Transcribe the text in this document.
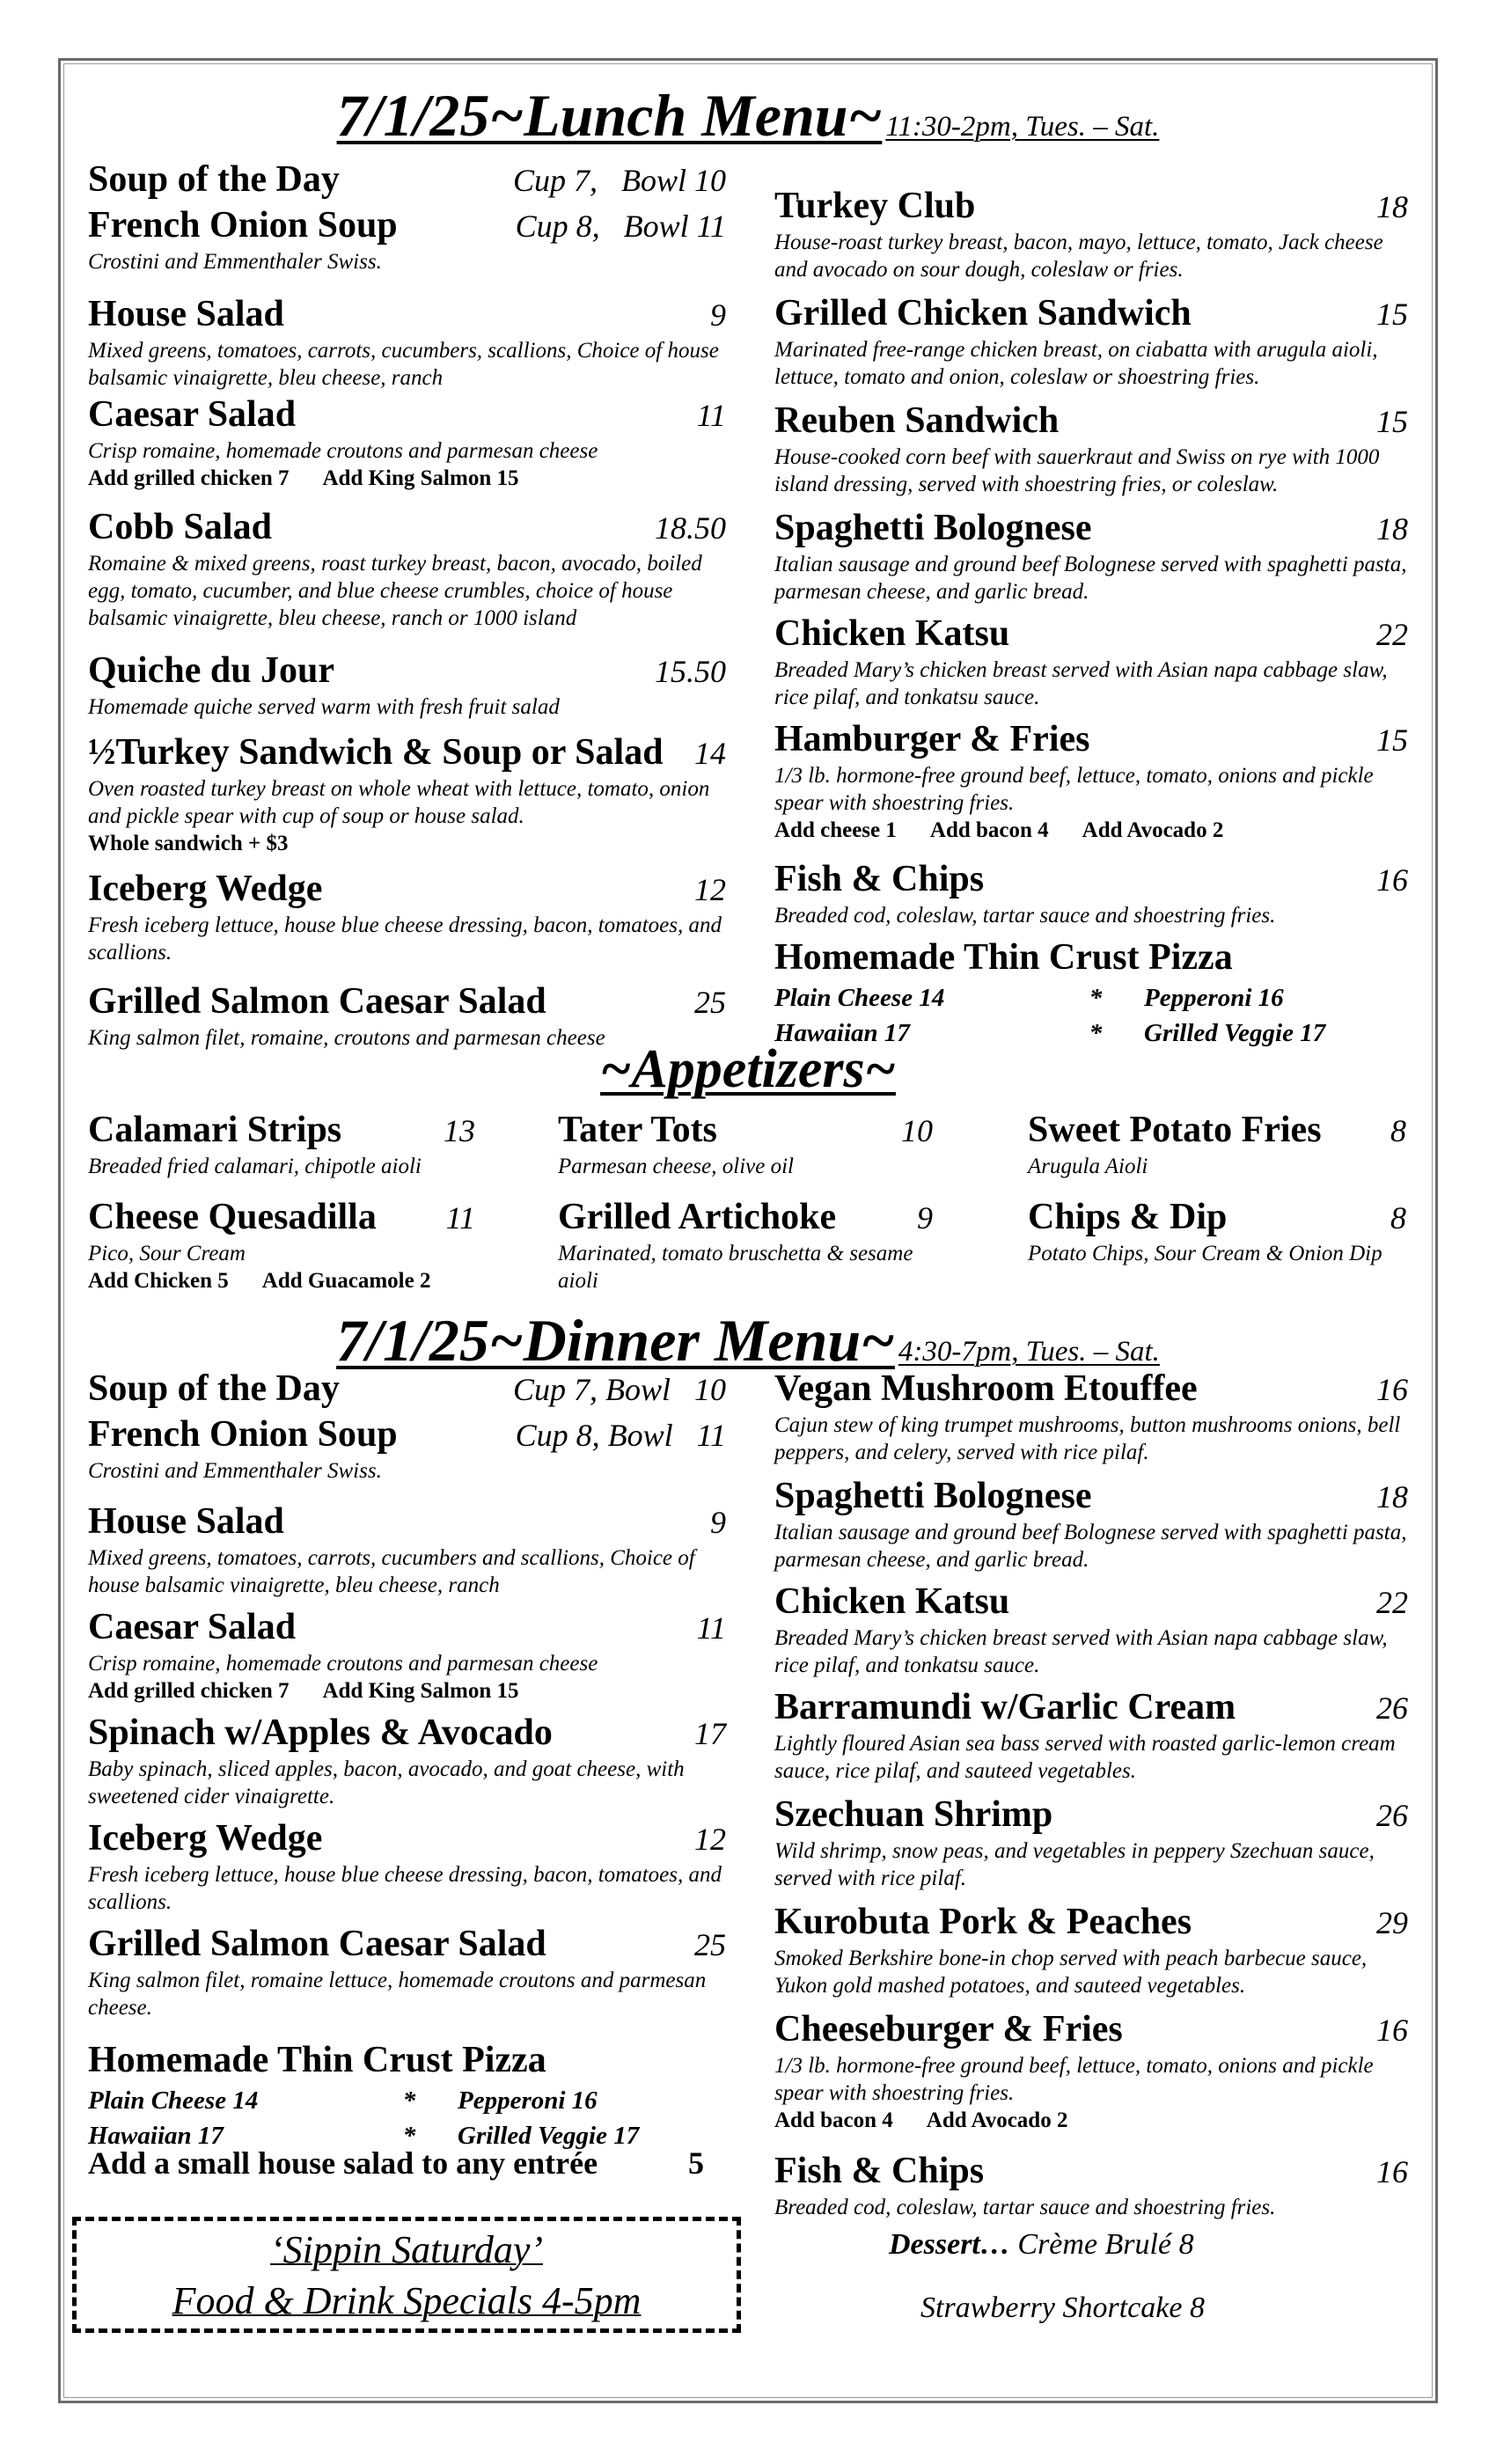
7/1/25~Lunch Menu~ 11:30-2pm, Tues. – Sat.
Soup of the Day	Cup 7, Bowl 10
French Onion Soup	Cup 8, Bowl 11
Crostini and Emmenthaler Swiss.
House Salad	9
Mixed greens, tomatoes, carrots, cucumbers, scallions, Choice of house balsamic vinaigrette, bleu cheese, ranch
Caesar Salad	11
Crisp romaine, homemade croutons and parmesan cheese
Add grilled chicken 7 Add King Salmon 15
Cobb Salad	18.50
Romaine & mixed greens, roast turkey breast, bacon, avocado, boiled egg, tomato, cucumber, and blue cheese crumbles, choice of house balsamic vinaigrette, bleu cheese, ranch or 1000 island
Quiche du Jour	15.50
Homemade quiche served warm with fresh fruit salad
½Turkey Sandwich & Soup or Salad 14
Oven roasted turkey breast on whole wheat with lettuce, tomato, onion and pickle spear with cup of soup or house salad.
Whole sandwich + $3
Iceberg Wedge	12
Fresh iceberg lettuce, house blue cheese dressing, bacon, tomatoes, and scallions.
Grilled Salmon Caesar Salad	25
King salmon filet, romaine, croutons and parmesan cheese
Turkey Club	18
House-roast turkey breast, bacon, mayo, lettuce, tomato, Jack cheese and avocado on sour dough, coleslaw or fries.
Grilled Chicken Sandwich	15
Marinated free-range chicken breast, on ciabatta with arugula aioli, lettuce, tomato and onion, coleslaw or shoestring fries.
Reuben Sandwich	15
House-cooked corn beef with sauerkraut and Swiss on rye with 1000 island dressing, served with shoestring fries, or coleslaw.
Spaghetti Bolognese	18
Italian sausage and ground beef Bolognese served with spaghetti pasta, parmesan cheese, and garlic bread.
Chicken Katsu	22
Breaded Mary’s chicken breast served with Asian napa cabbage slaw, rice pilaf, and tonkatsu sauce.
Hamburger & Fries	15
1/3 lb. hormone-free ground beef, lettuce, tomato, onions and pickle spear with shoestring fries.
Add cheese 1 Add bacon 4 Add Avocado 2
Fish & Chips	16
Breaded cod, coleslaw, tartar sauce and shoestring fries.
Homemade Thin Crust Pizza
Plain Cheese 14	*	Pepperoni 16
Hawaiian 17	*	Grilled Veggie 17
~Appetizers~
Calamari Strips	13
Breaded fried calamari, chipotle aioli
Cheese Quesadilla 11
Pico, Sour Cream
Add Chicken 5 Add Guacamole 2
Tater Tots	10
Parmesan cheese, olive oil
Grilled Artichoke	9
Marinated, tomato bruschetta & sesame aioli
Sweet Potato Fries 8
Arugula Aioli
Chips & Dip	8
Potato Chips, Sour Cream & Onion Dip
7/1/25~Dinner Menu~ 4:30-7pm, Tues. – Sat.
Soup of the Day	Cup 7, Bowl 10
French Onion Soup	Cup 8, Bowl 11
Crostini and Emmenthaler Swiss.
House Salad	9
Mixed greens, tomatoes, carrots, cucumbers and scallions, Choice of house balsamic vinaigrette, bleu cheese, ranch
Caesar Salad	11
Crisp romaine, homemade croutons and parmesan cheese
Add grilled chicken 7 Add King Salmon 15
Spinach w/Apples & Avocado	17
Baby spinach, sliced apples, bacon, avocado, and goat cheese, with sweetened cider vinaigrette.
Iceberg Wedge	12
Fresh iceberg lettuce, house blue cheese dressing, bacon, tomatoes, and scallions.
Grilled Salmon Caesar Salad	25
King salmon filet, romaine lettuce, homemade croutons and parmesan cheese.
Homemade Thin Crust Pizza
Plain Cheese 14	*	Pepperoni 16
Hawaiian 17	*	Grilled Veggie 17
Vegan Mushroom Etouffee	16
Cajun stew of king trumpet mushrooms, button mushrooms onions, bell peppers, and celery, served with rice pilaf.
Spaghetti Bolognese	18
Italian sausage and ground beef Bolognese served with spaghetti pasta, parmesan cheese, and garlic bread.
Chicken Katsu	22
Breaded Mary’s chicken breast served with Asian napa cabbage slaw, rice pilaf, and tonkatsu sauce.
Barramundi w/Garlic Cream	26
Lightly floured Asian sea bass served with roasted garlic-lemon cream sauce, rice pilaf, and sauteed vegetables.
Szechuan Shrimp	26
Wild shrimp, snow peas, and vegetables in peppery Szechuan sauce, served with rice pilaf.
Kurobuta Pork & Peaches	29
Smoked Berkshire bone-in chop served with peach barbecue sauce, Yukon gold mashed potatoes, and sauteed vegetables.
Cheeseburger & Fries	16
1/3 lb. hormone-free ground beef, lettuce, tomato, onions and pickle spear with shoestring fries.
Add bacon 4 Add Avocado 2
Fish & Chips	16
Breaded cod, coleslaw, tartar sauce and shoestring fries.
Add a small house salad to any entrée	5
‘Sippin Saturday’
Food & Drink Specials 4-5pm
Dessert… Crème Brulé 8
Strawberry Shortcake 8
